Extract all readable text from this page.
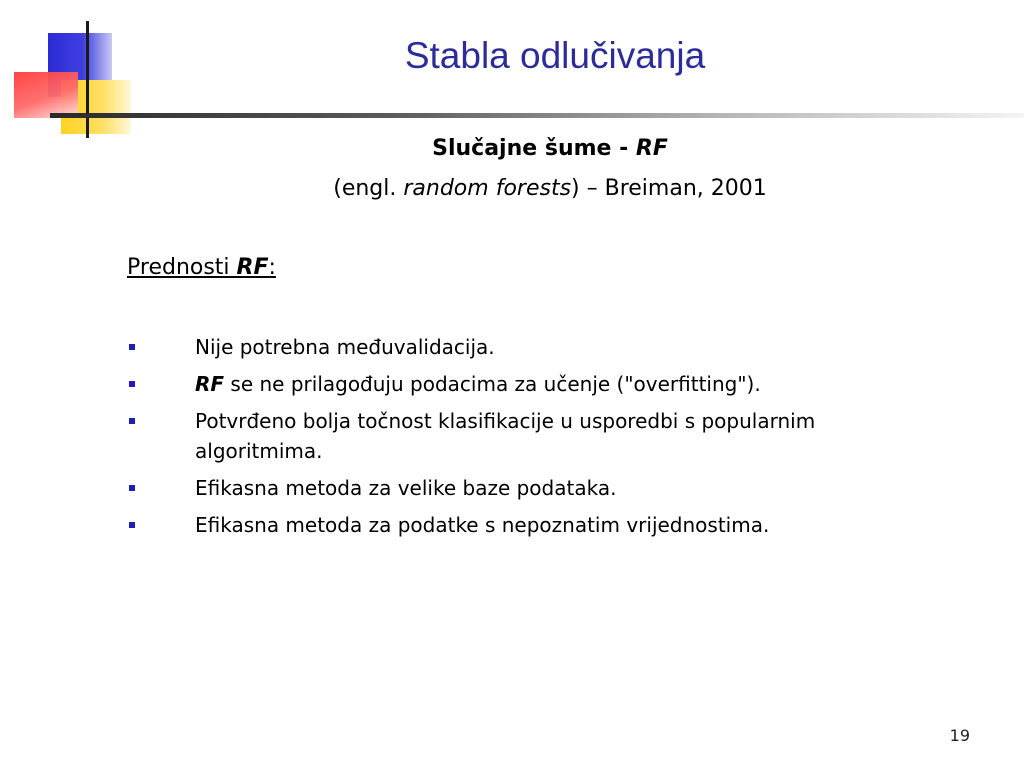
Stabla odlučivanja
Slučajne šume - RF
(engl. random forests) – Breiman, 2001
Prednosti RF:
Nije potrebna međuvalidacija.
RF se ne prilagođuju podacima za učenje ("overfitting").
Potvrđeno bolja točnost klasifikacije u usporedbi s popularnim algoritmima.
Efikasna metoda za velike baze podataka.
Efikasna metoda za podatke s nepoznatim vrijednostima.
19
